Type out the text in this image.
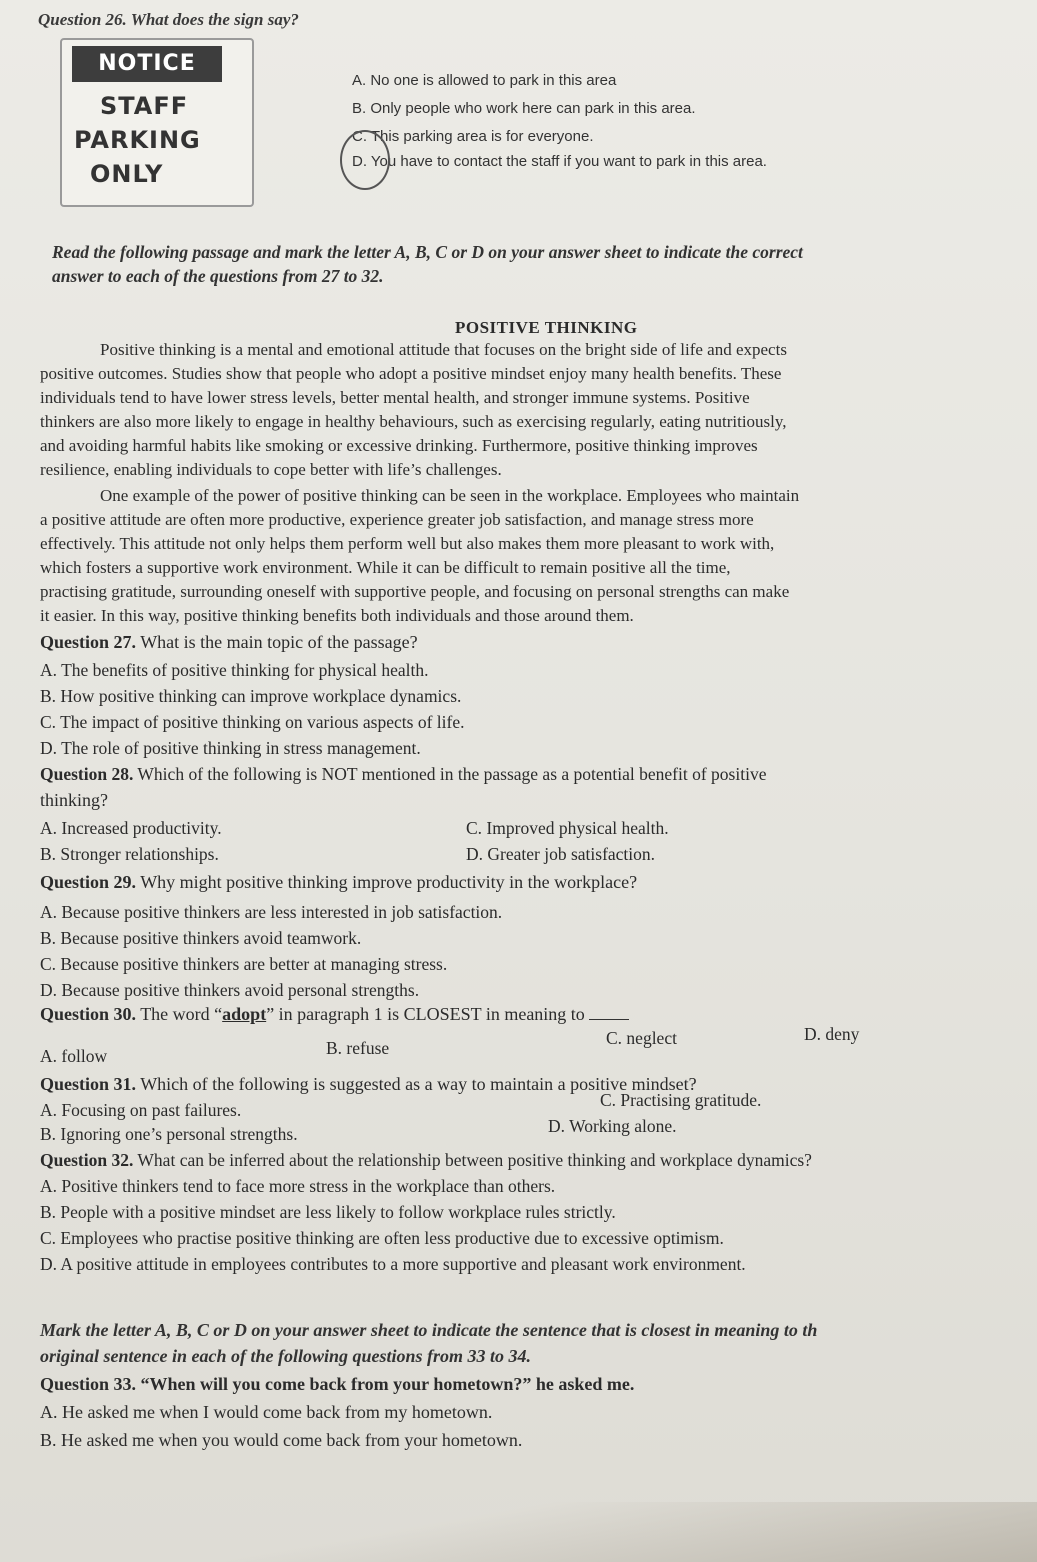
Question 26. What does the sign say?
NOTICE
STAFF
PARKING
ONLY
A. No one is allowed to park in this area
B. Only people who work here can park in this area.
C. This parking area is for everyone.
D. You have to contact the staff if you want to park in this area.
Read the following passage and mark the letter A, B, C or D on your answer sheet to indicate the correct
answer to each of the questions from 27 to 32.
POSITIVE THINKING
Positive thinking is a mental and emotional attitude that focuses on the bright side of life and expects
positive outcomes. Studies show that people who adopt a positive mindset enjoy many health benefits. These
individuals tend to have lower stress levels, better mental health, and stronger immune systems. Positive
thinkers are also more likely to engage in healthy behaviours, such as exercising regularly, eating nutritiously,
and avoiding harmful habits like smoking or excessive drinking. Furthermore, positive thinking improves
resilience, enabling individuals to cope better with life’s challenges.
One example of the power of positive thinking can be seen in the workplace. Employees who maintain
a positive attitude are often more productive, experience greater job satisfaction, and manage stress more
effectively. This attitude not only helps them perform well but also makes them more pleasant to work with,
which fosters a supportive work environment. While it can be difficult to remain positive all the time,
practising gratitude, surrounding oneself with supportive people, and focusing on personal strengths can make
it easier. In this way, positive thinking benefits both individuals and those around them.
Question 27. What is the main topic of the passage?
A. The benefits of positive thinking for physical health.
B. How positive thinking can improve workplace dynamics.
C. The impact of positive thinking on various aspects of life.
D. The role of positive thinking in stress management.
Question 28. Which of the following is NOT mentioned in the passage as a potential benefit of positive
thinking?
A. Increased productivity.	C. Improved physical health.
B. Stronger relationships.	D. Greater job satisfaction.
Question 29. Why might positive thinking improve productivity in the workplace?
A. Because positive thinkers are less interested in job satisfaction.
B. Because positive thinkers avoid teamwork.
C. Because positive thinkers are better at managing stress.
D. Because positive thinkers avoid personal strengths.
Question 30. The word “adopt” in paragraph 1 is CLOSEST in meaning to
A. follow	B. refuse	C. neglect	D. deny
Question 31. Which of the following is suggested as a way to maintain a positive mindset?
A. Focusing on past failures.	C. Practising gratitude.
B. Ignoring one’s personal strengths.	D. Working alone.
Question 32. What can be inferred about the relationship between positive thinking and workplace dynamics?
A. Positive thinkers tend to face more stress in the workplace than others.
B. People with a positive mindset are less likely to follow workplace rules strictly.
C. Employees who practise positive thinking are often less productive due to excessive optimism.
D. A positive attitude in employees contributes to a more supportive and pleasant work environment.
Mark the letter A, B, C or D on your answer sheet to indicate the sentence that is closest in meaning to th
original sentence in each of the following questions from 33 to 34.
Question 33. “When will you come back from your hometown?” he asked me.
A. He asked me when I would come back from my hometown.
B. He asked me when you would come back from your hometown.
